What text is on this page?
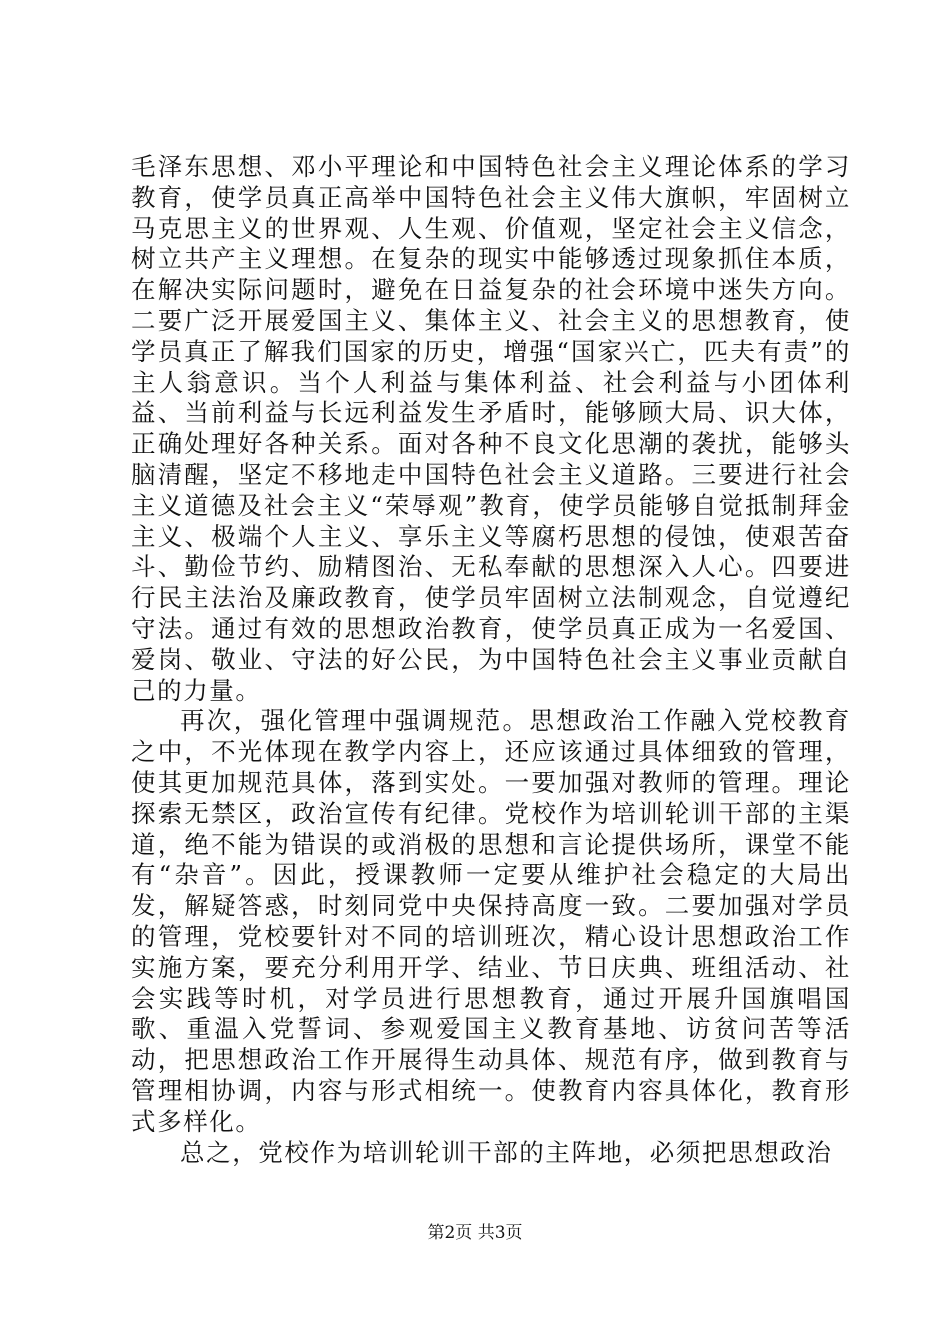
毛泽东思想、邓小平理论和中国特色社会主义理论体系的学习教育，使学员真正高举中国特色社会主义伟大旗帜，牢固树立马克思主义的世界观、人生观、价值观，坚定社会主义信念，树立共产主义理想。在复杂的现实中能够透过现象抓住本质，在解决实际问题时，避免在日益复杂的社会环境中迷失方向。二要广泛开展爱国主义、集体主义、社会主义的思想教育，使学员真正了解我们国家的历史，增强“国家兴亡，匹夫有责”的主人翁意识。当个人利益与集体利益、社会利益与小团体利益、当前利益与长远利益发生矛盾时，能够顾大局、识大体，正确处理好各种关系。面对各种不良文化思潮的袭扰，能够头脑清醒，坚定不移地走中国特色社会主义道路。三要进行社会主义道德及社会主义“荣辱观”教育，使学员能够自觉抵制拜金主义、极端个人主义、享乐主义等腐朽思想的侵蚀，使艰苦奋斗、勤俭节约、励精图治、无私奉献的思想深入人心。四要进行民主法治及廉政教育，使学员牢固树立法制观念，自觉遵纪守法。通过有效的思想政治教育，使学员真正成为一名爱国、爱岗、敬业、守法的好公民，为中国特色社会主义事业贡献自己的力量。

再次，强化管理中强调规范。思想政治工作融入党校教育之中，不光体现在教学内容上，还应该通过具体细致的管理，使其更加规范具体，落到实处。一要加强对教师的管理。理论探索无禁区，政治宣传有纪律。党校作为培训轮训干部的主渠道，绝不能为错误的或消极的思想和言论提供场所，课堂不能有“杂音”。因此，授课教师一定要从维护社会稳定的大局出发，解疑答惑，时刻同党中央保持高度一致。二要加强对学员的管理，党校要针对不同的培训班次，精心设计思想政治工作实施方案，要充分利用开学、结业、节日庆典、班组活动、社会实践等时机，对学员进行思想教育，通过开展升国旗唱国歌、重温入党誓词、参观爱国主义教育基地、访贫问苦等活动，把思想政治工作开展得生动具体、规范有序，做到教育与管理相协调，内容与形式相统一。使教育内容具体化，教育形式多样化。

总之，党校作为培训轮训干部的主阵地，必须把思想政治

第2页 共3页
